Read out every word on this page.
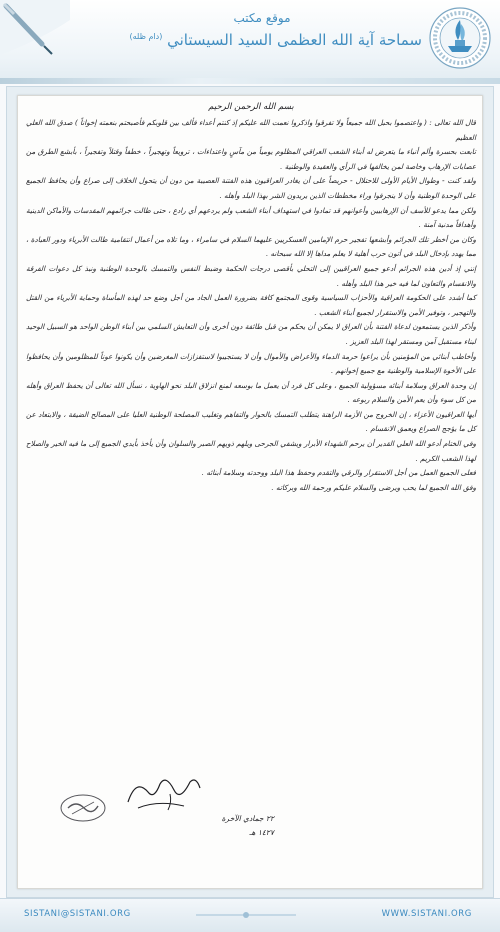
موقع مكتب
سماحة آية الله العظمى السيد السيستاني $^{(دام ظله)}$
بسم الله الرحمن الرحيم

قال الله تعالى : ( واعتصموا بحبل الله جميعاً ولا تفرقوا واذكروا نعمت الله عليكم إذ كنتم أعداء فألف بين قلوبكم فأصبحتم بنعمته إخواناً ) صدق الله العلي العظيم

تابعت بحسرة وألم أنباء ما يتعرض له أبناء الشعب العراقي المظلوم يومياً من مآسٍ واعتداءات ، ترويعاً وتهجيراً ، خطفاً وقتلاً وتفجيراً ، بأبشع الطرق من عصابات الإرهاب وخاصة لمن يخالفها في الرأي والعقيدة والوطنية .

ولقد كنت - وطوال الأيام الأولى للاحتلال - حريصاً على أن يغادر العراقيون هذه الفتنة العصيبة من دون أن يتحول الخلاف إلى صراع وأن يحافظ الجميع على الوحدة الوطنية وأن لا ينجرفوا وراء مخططات الذين يريدون الشر بهذا البلد وأهله .

ولكن مما يدعو للأسف أن الإرهابيين وأعوانهم قد تمادوا في استهداف أبناء الشعب ولم يردعهم أي رادع ، حتى طالت جرائمهم المقدسات والأماكن الدينية وأهدافاً مدنية آمنة .

وكان من أخطر تلك الجرائم وأبشعها تفجير حرم الإمامين العسكريين عليهما السلام في سامراء ، وما تلاه من أعمال انتقامية طالت الأبرياء ودور العبادة ، مما يهدد بإدخال البلد في أتون حرب أهلية لا يعلم مداها إلا الله سبحانه .

إنني إذ أدين هذه الجرائم أدعو جميع العراقيين إلى التحلي بأقصى درجات الحكمة وضبط النفس والتمسك بالوحدة الوطنية ونبذ كل دعوات الفرقة والانقسام والتعاون لما فيه خير هذا البلد وأهله .

كما أشدد على الحكومة العراقية والأحزاب السياسية وقوى المجتمع كافة بضرورة العمل الجاد من أجل وضع حد لهذه المأساة وحماية الأبرياء من القتل والتهجير ، وتوفير الأمن والاستقرار لجميع أبناء الشعب .

وأذكر الذين يستمعون لدعاة الفتنة بأن العراق لا يمكن أن يحكم من قبل طائفة دون أخرى وأن التعايش السلمي بين أبناء الوطن الواحد هو السبيل الوحيد لبناء مستقبل آمن ومستقر لهذا البلد العزيز .

وأخاطب أبنائي من المؤمنين بأن يراعوا حرمة الدماء والأعراض والأموال وأن لا يستجيبوا لاستفزازات المغرضين وأن يكونوا عوناً للمظلومين وأن يحافظوا على الأخوة الإسلامية والوطنية مع جميع إخوانهم .

إن وحدة العراق وسلامة أبنائه مسؤولية الجميع ، وعلى كل فرد أن يعمل ما بوسعه لمنع انزلاق البلد نحو الهاوية ، نسأل الله تعالى أن يحفظ العراق وأهله من كل سوء وأن يعم الأمن والسلام ربوعه .

أيها العراقيون الأعزاء ، إن الخروج من الأزمة الراهنة يتطلب التمسك بالحوار والتفاهم وتغليب المصلحة الوطنية العليا على المصالح الضيقة ، والابتعاد عن كل ما يؤجج الصراع ويعمق الانقسام .

وفي الختام أدعو الله العلي القدير أن يرحم الشهداء الأبرار ويشفي الجرحى ويلهم ذويهم الصبر والسلوان وأن يأخذ بأيدي الجميع إلى ما فيه الخير والصلاح لهذا الشعب الكريم .

فعلى الجميع العمل من أجل الاستقرار والرقي والتقدم وحفظ هذا البلد ووحدته وسلامة أبنائه .

وفق الله الجميع لما يحب ويرضى والسلام عليكم ورحمة الله وبركاته .

٢٢ جمادي الآخرة
١٤٢٧ هـ
SISTANI@SISTANI.ORG	WWW.SISTANI.ORG
